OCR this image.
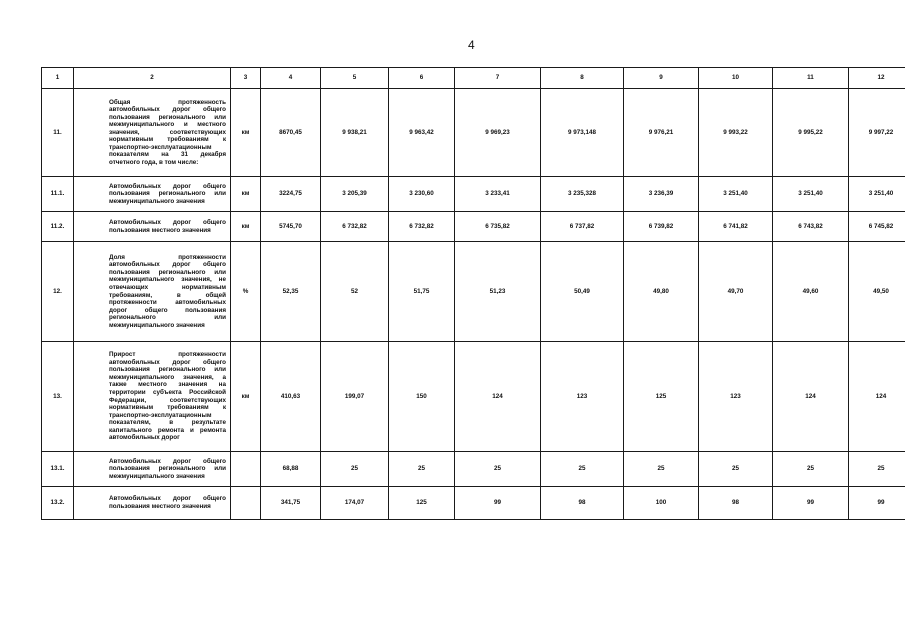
4
1	2	3	4	5	6	7	8	9	10	11	12
11.	Общая протяженность автомобильных дорог общего пользования регионального или межмуниципального и местного значения, соответствующих нормативным требованиям к транспортно-эксплуатационным показателям на 31 декабря отчетного года, в том числе:	км	8670,45	9 938,21	9 963,42	9 969,23	9 973,148	9 976,21	9 993,22	9 995,22	9 997,22
11.1.	Автомобильных дорог общего пользования регионального или межмуниципального значения	км	3224,75	3 205,39	3 230,60	3 233,41	3 235,328	3 236,39	3 251,40	3 251,40	3 251,40
11.2.	Автомобильных дорог общего пользования местного значения	км	5745,70	6 732,82	6 732,82	6 735,82	6 737,82	6 739,82	6 741,82	6 743,82	6 745,82
12.	Доля протяженности автомобильных дорог общего пользования регионального или межмуниципального значения, не отвечающих нормативным требованиям, в общей протяженности автомобильных дорог общего пользования регионального или межмуниципального значения	%	52,35	52	51,75	51,23	50,49	49,80	49,70	49,60	49,50
13.	Прирост протяженности автомобильных дорог общего пользования регионального или межмуниципального значения, а также местного значения на территории субъекта Российской Федерации, соответствующих нормативным требованиям к транспортно-эксплуатационным показателям, в результате капитального ремонта и ремонта автомобильных дорог	км	410,63	199,07	150	124	123	125	123	124	124
13.1.	Автомобильных дорог общего пользования регионального или межмуниципального значения		68,88	25	25	25	25	25	25	25	25
13.2.	Автомобильных дорог общего пользования местного значения		341,75	174,07	125	99	98	100	98	99	99
